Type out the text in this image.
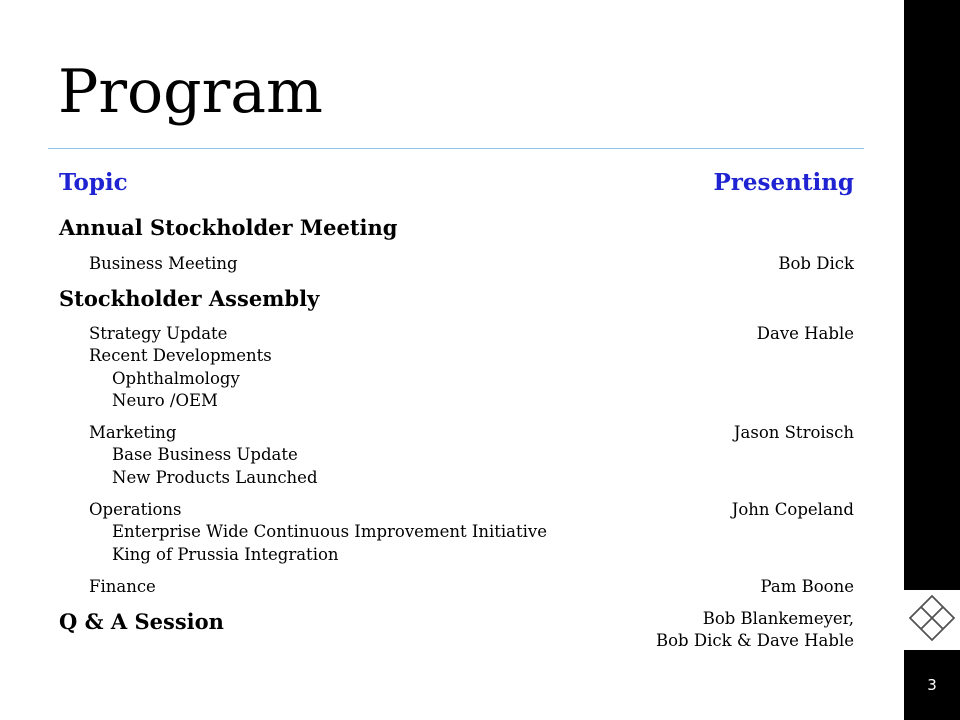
Program
Topic	Presenting
Annual Stockholder Meeting
Business Meeting	Bob Dick
Stockholder Assembly
Strategy Update	Dave Hable
Recent Developments
Ophthalmology
Neuro /OEM
Marketing	Jason Stroisch
Base Business Update
New Products Launched
Operations	John Copeland
Enterprise Wide Continuous Improvement Initiative
King of Prussia Integration
Finance	Pam Boone
Q & A Session	Bob Blankemeyer,
Bob Dick & Dave Hable
3
